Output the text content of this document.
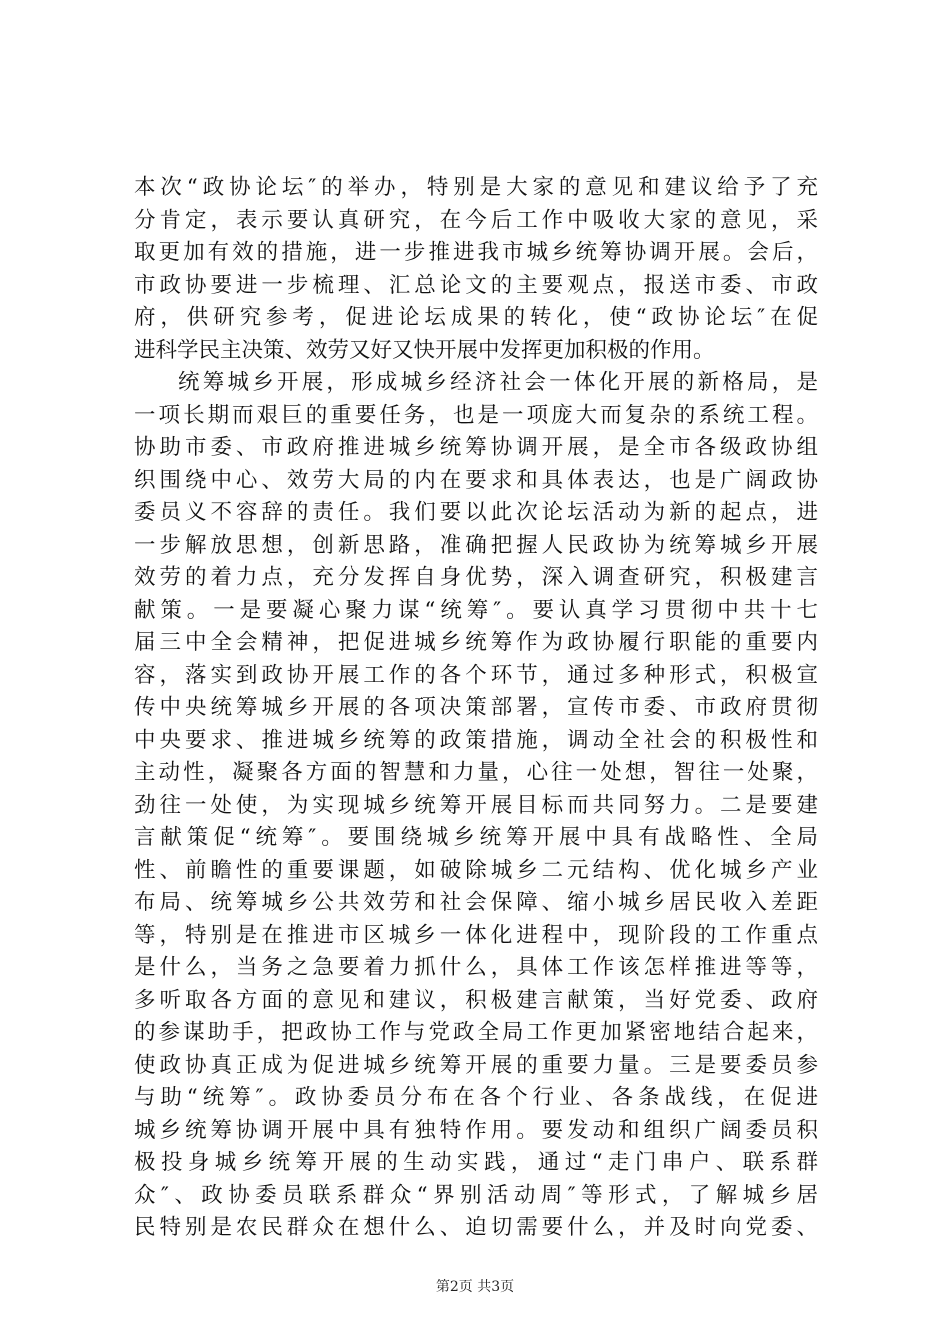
本次“政协论坛″的举办，特别是大家的意见和建议给予了充
分肯定，表示要认真研究，在今后工作中吸收大家的意见，采
取更加有效的措施，进一步推进我市城乡统筹协调开展。会后，
市政协要进一步梳理、汇总论文的主要观点，报送市委、市政
府，供研究参考，促进论坛成果的转化，使“政协论坛″在促
进科学民主决策、效劳又好又快开展中发挥更加积极的作用。
统筹城乡开展，形成城乡经济社会一体化开展的新格局，是
一项长期而艰巨的重要任务，也是一项庞大而复杂的系统工程。
协助市委、市政府推进城乡统筹协调开展，是全市各级政协组
织围绕中心、效劳大局的内在要求和具体表达，也是广阔政协
委员义不容辞的责任。我们要以此次论坛活动为新的起点，进
一步解放思想，创新思路，准确把握人民政协为统筹城乡开展
效劳的着力点，充分发挥自身优势，深入调查研究，积极建言
献策。一是要凝心聚力谋“统筹″。要认真学习贯彻中共十七
届三中全会精神，把促进城乡统筹作为政协履行职能的重要内
容，落实到政协开展工作的各个环节，通过多种形式，积极宣
传中央统筹城乡开展的各项决策部署，宣传市委、市政府贯彻
中央要求、推进城乡统筹的政策措施，调动全社会的积极性和
主动性，凝聚各方面的智慧和力量，心往一处想，智往一处聚，
劲往一处使，为实现城乡统筹开展目标而共同努力。二是要建
言献策促“统筹″。要围绕城乡统筹开展中具有战略性、全局
性、前瞻性的重要课题，如破除城乡二元结构、优化城乡产业
布局、统筹城乡公共效劳和社会保障、缩小城乡居民收入差距
等，特别是在推进市区城乡一体化进程中，现阶段的工作重点
是什么，当务之急要着力抓什么，具体工作该怎样推进等等，
多听取各方面的意见和建议，积极建言献策，当好党委、政府
的参谋助手，把政协工作与党政全局工作更加紧密地结合起来，
使政协真正成为促进城乡统筹开展的重要力量。三是要委员参
与助“统筹″。政协委员分布在各个行业、各条战线，在促进
城乡统筹协调开展中具有独特作用。要发动和组织广阔委员积
极投身城乡统筹开展的生动实践，通过“走门串户、联系群
众″、政协委员联系群众“界别活动周″等形式，了解城乡居
民特别是农民群众在想什么、迫切需要什么，并及时向党委、
第2页 共3页
